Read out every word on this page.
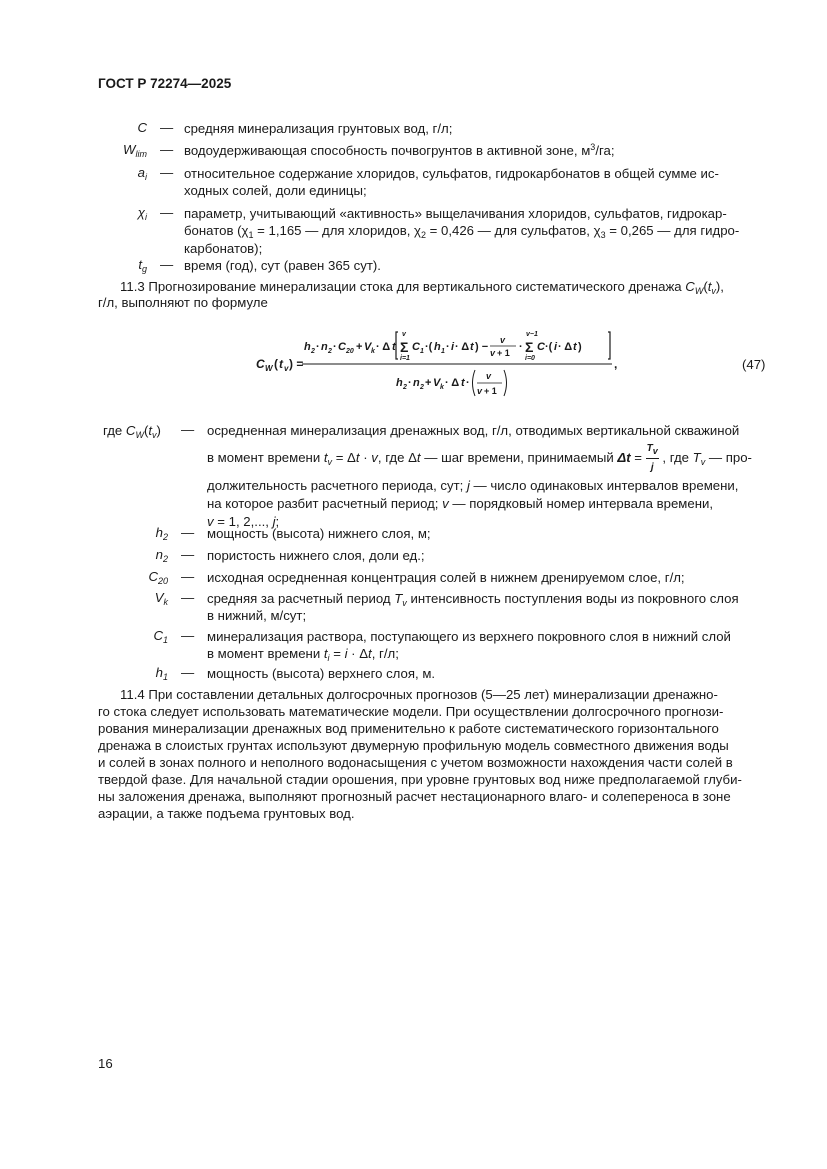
ГОСТ Р 72274—2025
C — средняя минерализация грунтовых вод, г/л;
$W_{lim}$ — водоудерживающая способность почвогрунтов в активной зоне, $м^3/га$;
$a_i$ — относительное содержание хлоридов, сульфатов, гидрокарбонатов в общей сумме ис-
ходных солей, доли единицы;
$\chi_i$ — параметр, учитывающий «активность» выщелачивания хлоридов, сульфатов, гидрокар-
бонатов ($\chi_1 = 1,165$ — для хлоридов, $\chi_2 = 0,426$ — для сульфатов, $\chi_3 = 0,265$ — для гидро-
карбонатов);
$t_g$ — время (год), сут (равен 365 сут).
11.3 Прогнозирование минерализации стока для вертикального систематического дренажа $C_W(t_v)$,
г/л, выполняют по формуле
C W ( t v ) =
h 2 · n 2 · C 20 + V k · Δ t
v
Σ
i=1
C 1 ·( h 1 · i · Δ t ) −
v
v + 1 ·
v−1
Σ
i=0
C ·( i · Δ t )
,
h 2 · n 2 + V k · Δ t ·
v
v + 1
(47)
где $C_W(t_v)$ — осредненная минерализация дренажных вод, г/л, отводимых вертикальной скважиной
в момент времени $t_v = \Delta t \cdot v$, где Δt — шаг времени, принимаемый $\Delta t = \frac{T_v}{j}$ , где $T_v$ — про-
должительность расчетного периода, сут; j — число одинаковых интервалов времени,
на которое разбит расчетный период; v — порядковый номер интервала времени,
v = 1, 2,..., j;
$h_2$ — мощность (высота) нижнего слоя, м;
$n_2$ — пористость нижнего слоя, доли ед.;
$C_{20}$ — исходная осредненная концентрация солей в нижнем дренируемом слое, г/л;
$V_k$ — средняя за расчетный период $T_v$ интенсивность поступления воды из покровного слоя
в нижний, м/сут;
$C_1$ — минерализация раствора, поступающего из верхнего покровного слоя в нижний слой
в момент времени $t_i = i \cdot \Delta t$, г/л;
$h_1$ — мощность (высота) верхнего слоя, м.
11.4 При составлении детальных долгосрочных прогнозов (5—25 лет) минерализации дренажно-
го стока следует использовать математические модели. При осуществлении долгосрочного прогнози-
рования минерализации дренажных вод применительно к работе систематического горизонтального
дренажа в слоистых грунтах используют двумерную профильную модель совместного движения воды
и солей в зонах полного и неполного водонасыщения с учетом возможности нахождения части солей в
твердой фазе. Для начальной стадии орошения, при уровне грунтовых вод ниже предполагаемой глуби-
ны заложения дренажа, выполняют прогнозный расчет нестационарного влаго- и солепереноса в зоне
аэрации, а также подъема грунтовых вод.
16
